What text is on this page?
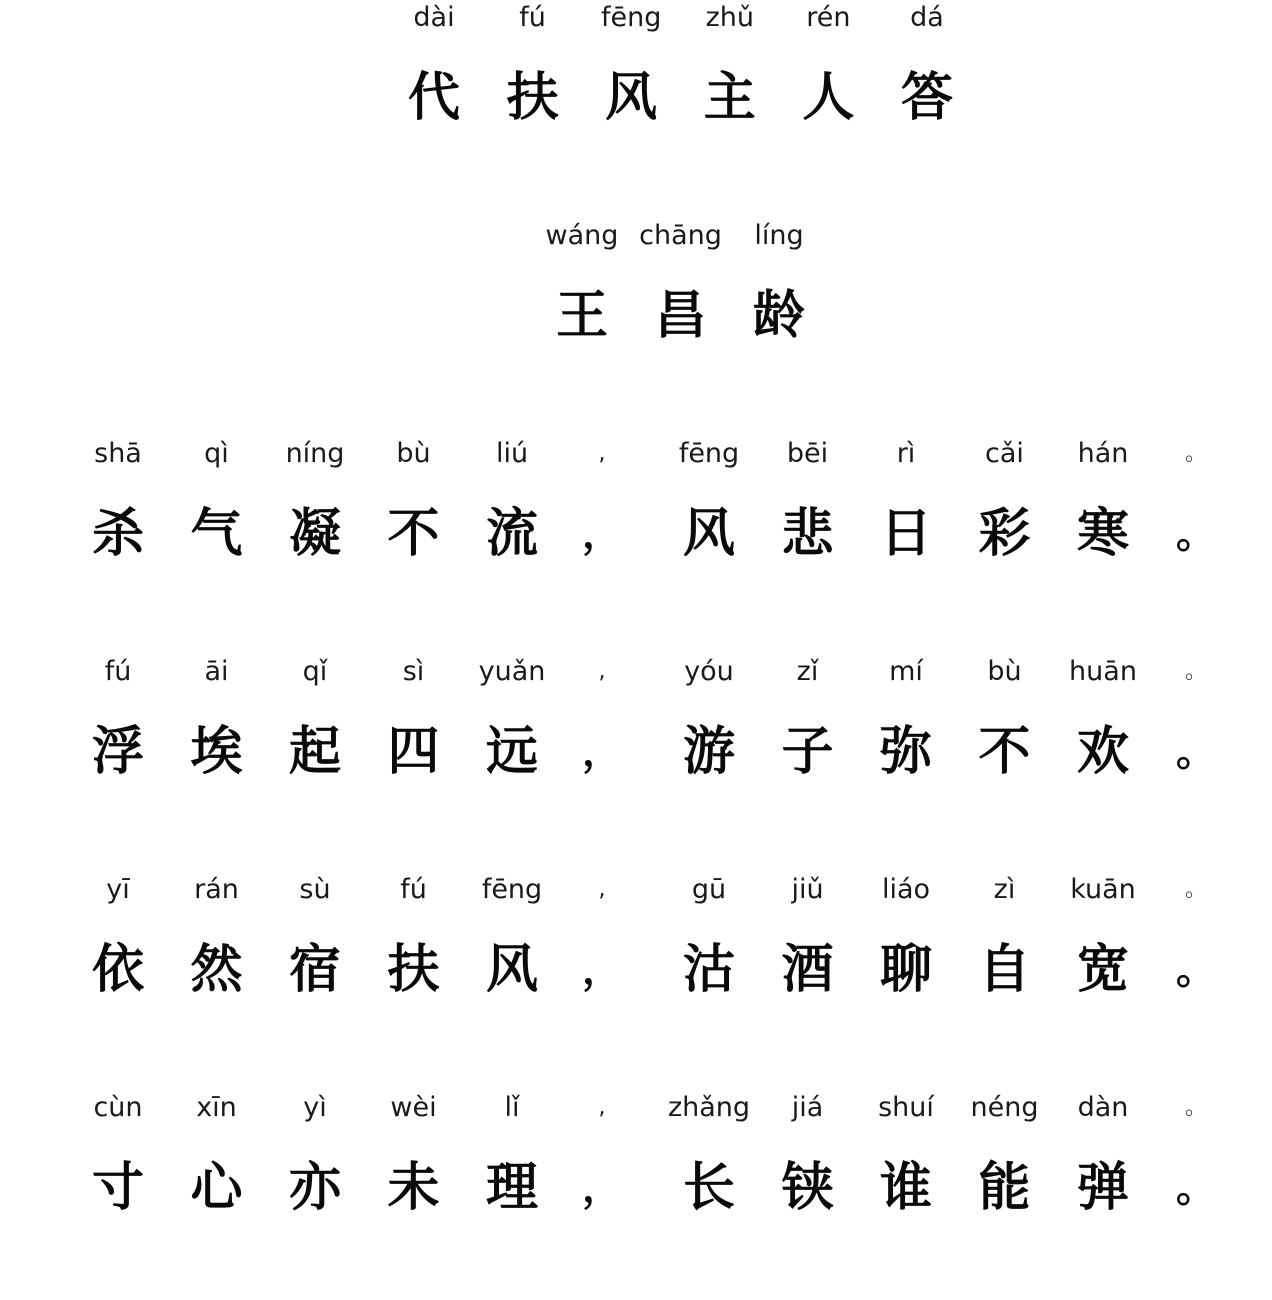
dài
代
fú
扶
fēng
风
zhǔ
主
rén
人
dá
答
wáng
王
chāng
昌
líng
龄
shā
杀
qì
气
níng
凝
bù
不
liú
流
,
，
fēng
风
bēi
悲
rì
日
cǎi
彩
hán
寒
。
。
fú
浮
āi
埃
qǐ
起
sì
四
yuǎn
远
,
，
yóu
游
zǐ
子
mí
弥
bù
不
huān
欢
。
。
yī
依
rán
然
sù
宿
fú
扶
fēng
风
,
，
gū
沽
jiǔ
酒
liáo
聊
zì
自
kuān
宽
。
。
cùn
寸
xīn
心
yì
亦
wèi
未
lǐ
理
,
，
zhǎng
长
jiá
铗
shuí
谁
néng
能
dàn
弹
。
。
